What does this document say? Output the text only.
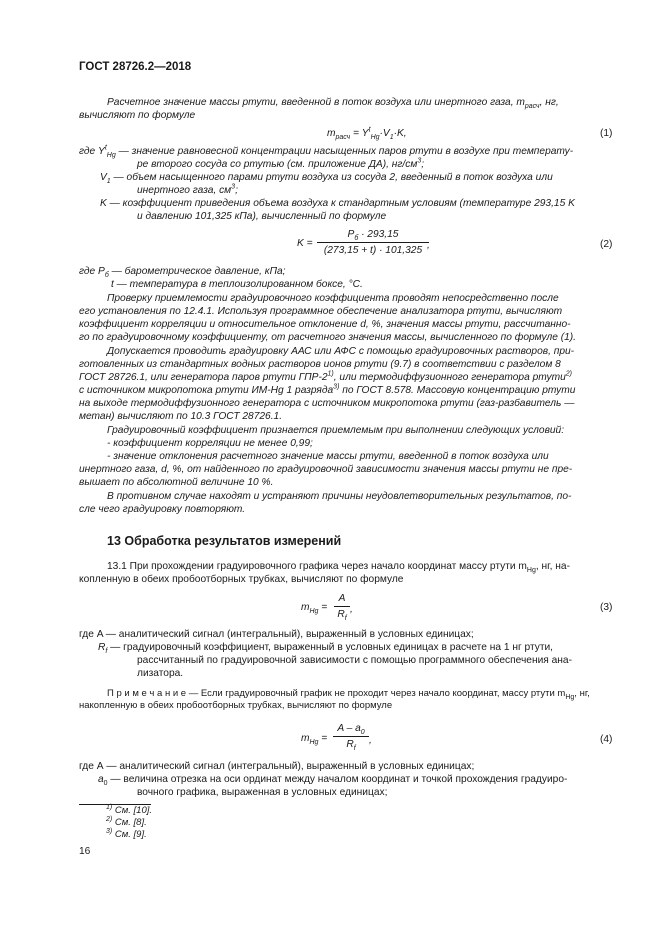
ГОСТ 28726.2—2018
Расчетное значение массы ртути, введенной в поток воздуха или инертного газа, $m_{расч}$, нг,
вычисляют по формуле
$m_{расч} = Y^t_{Hg}\cdot V_1\cdot K$,	(1)
где $Y^t_{Hg}$ — значение равновесной концентрации насыщенных паров ртути в воздухе при температу-
ре второго сосуда со ртутью (см. приложение ДА), $нг/см^3$;
$V_1$ — объем насыщенного парами ртути воздуха из сосуда 2, введенный в поток воздуха или
инертного газа, $см^3$;
K — коэффициент приведения объема воздуха к стандартным условиям (температуре 293,15 K
и давлению 101,325 кПа), вычисленный по формуле
K =
$P_б \cdot 293,15$
(273,15 + t) · 101,325 ,	(2)
где $P_б$ — барометрическое давление, кПа;
t — температура в теплоизолированном боксе, °С.
Проверку приемлемости градуировочного коэффициента проводят непосредственно после
его установления по 12.4.1. Используя программное обеспечение анализатора ртути, вычисляют
коэффициент корреляции и относительное отклонение d, %, значения массы ртути, рассчитанно-
го по градуировочному коэффициенту, от расчетного значения массы, вычисленного по формуле (1).
Допускается проводить градуировку ААС или АФС с помощью градуировочных растворов, при-
готовленных из стандартных водных растворов ионов ртути (9.7) в соответствии с разделом 8
ГОСТ 28726.1, или генератора паров ртути ГПР-2$^{1)}$, или термодиффузионного генератора ртути$^{2)}$
с источником микропотока ртути ИМ-Hg 1 разряда$^{3)}$ по ГОСТ 8.578. Массовую концентрацию ртути
на выходе термодиффузионного генератора с источником микропотока ртути (газ-разбавитель —
метан) вычисляют по 10.3 ГОСТ 28726.1.
Градуировочный коэффициент признается приемлемым при выполнении следующих условий:
- коэффициент корреляции не менее 0,99;
- значение отклонения расчетного значение массы ртути, введенной в поток воздуха или
инертного газа, d, %, от найденного по градуировочной зависимости значения массы ртути не пре-
вышает по абсолютной величине 10 %.
В противном случае находят и устраняют причины неудовлетворительных результатов, по-
сле чего градуировку повторяют.
13 Обработка результатов измерений
13.1 При прохождении градуировочного графика через начало координат массу ртути $m_{Hg}$, нг, на-
копленную в обеих пробоотборных трубках, вычисляют по формуле
$m_{Hg}$ =
A
$R_f$
,	(3)
где A — аналитический сигнал (интегральный), выраженный в условных единицах;
$R_f$ — градуировочный коэффициент, выраженный в условных единицах в расчете на 1 нг ртути,
рассчитанный по градуировочной зависимости с помощью программного обеспечения ана-
лизатора.
П р и м е ч а н и е — Если градуировочный график не проходит через начало координат, массу ртути $m_{Hg}$, нг,
накопленную в обеих пробоотборных трубках, вычисляют по формуле
$m_{Hg}$ =
A – $a_0$
$R_f$
,	(4)
где А — аналитический сигнал (интегральный), выраженный в условных единицах;
$a_0$ — величина отрезка на оси ординат между началом координат и точкой прохождения градуиро-
вочного графика, выраженная в условных единицах;
$^{1)}$ См. [10].
$^{2)}$ См. [8].
$^{3)}$ См. [9].
16
